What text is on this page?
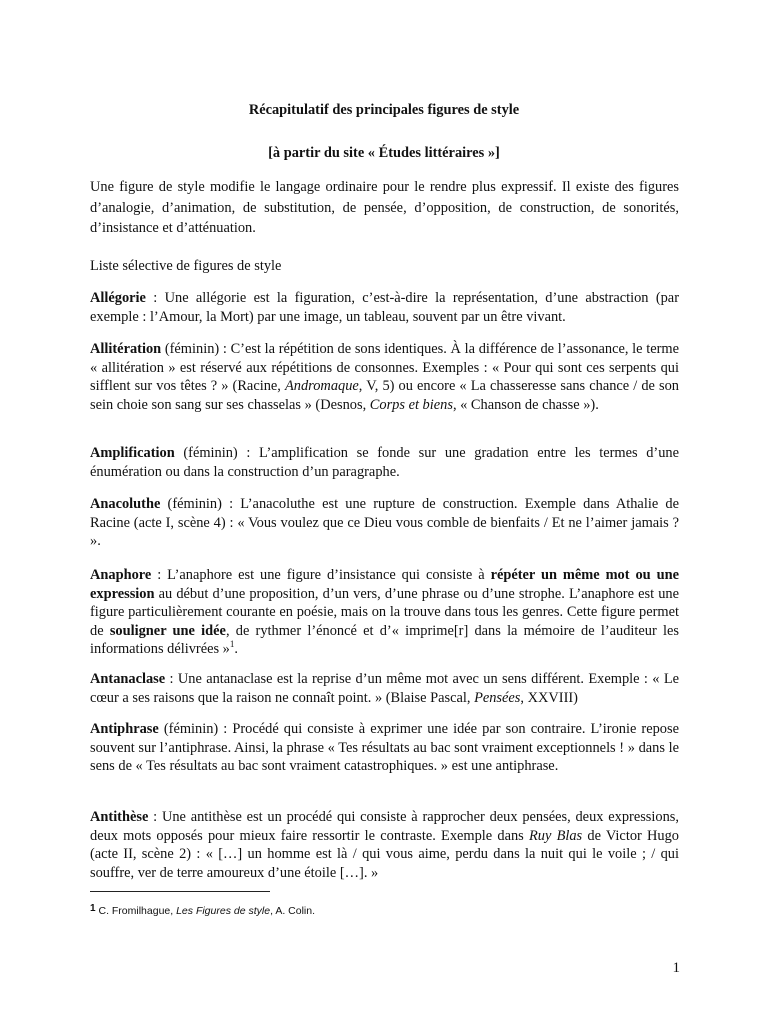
Récapitulatif des principales figures de style
[à partir du site « Études littéraires »]

Une figure de style modifie le langage ordinaire pour le rendre plus expressif. Il existe des figures d’analogie, d’animation, de substitution, de pensée, d’opposition, de construction, de sonorités, d’insistance et d’atténuation.

Liste sélective de figures de style

Allégorie : Une allégorie est la figuration, c’est-à-dire la représentation, d’une abstraction (par exemple : l’Amour, la Mort) par une image, un tableau, souvent par un être vivant.

Allitération (féminin) : C’est la répétition de sons identiques. À la différence de l’assonance, le terme « allitération » est réservé aux répétitions de consonnes. Exemples : « Pour qui sont ces serpents qui sifflent sur vos têtes ? » (Racine, Andromaque, V, 5) ou encore « La chasseresse sans chance / de son sein choie son sang sur ses chasselas » (Desnos, Corps et biens, « Chanson de chasse »).

Amplification (féminin) : L’amplification se fonde sur une gradation entre les termes d’une énumération ou dans la construction d’un paragraphe.

Anacoluthe (féminin) : L’anacoluthe est une rupture de construction. Exemple dans Athalie de Racine (acte I, scène 4) : « Vous voulez que ce Dieu vous comble de bienfaits / Et ne l’aimer jamais ? ».

Anaphore : L’anaphore est une figure d’insistance qui consiste à répéter un même mot ou une expression au début d’une proposition, d’un vers, d’une phrase ou d’une strophe. L’anaphore est une figure particulièrement courante en poésie, mais on la trouve dans tous les genres. Cette figure permet de souligner une idée, de rythmer l’énoncé et d’« imprime[r] dans la mémoire de l’auditeur les informations délivrées »$^1$.

Antanaclase : Une antanaclase est la reprise d’un même mot avec un sens différent. Exemple : « Le cœur a ses raisons que la raison ne connaît point. » (Blaise Pascal, Pensées, XXVIII)

Antiphrase (féminin) : Procédé qui consiste à exprimer une idée par son contraire. L’ironie repose souvent sur l’antiphrase. Ainsi, la phrase « Tes résultats au bac sont vraiment exceptionnels ! » dans le sens de « Tes résultats au bac sont vraiment catastrophiques. » est une antiphrase.

Antithèse : Une antithèse est un procédé qui consiste à rapprocher deux pensées, deux expressions, deux mots opposés pour mieux faire ressortir le contraste. Exemple dans Ruy Blas de Victor Hugo (acte II, scène 2) : « […] un homme est là / qui vous aime, perdu dans la nuit qui le voile ; / qui souffre, ver de terre amoureux d’une étoile […]. »

1 C. Fromilhague, Les Figures de style, A. Colin.
1
